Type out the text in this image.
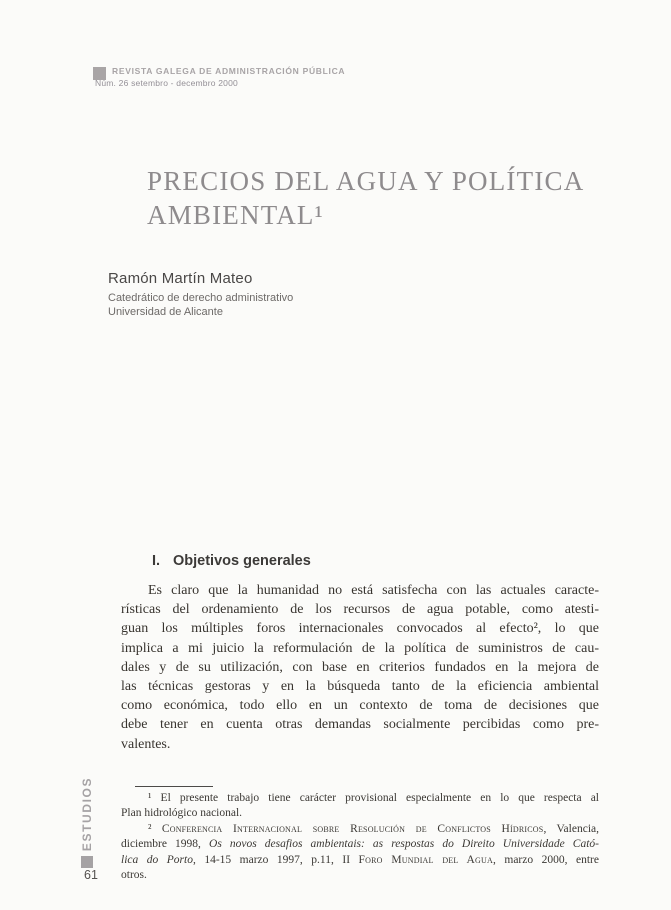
REVISTA GALEGA DE ADMINISTRACIÓN PÚBLICA
Núm. 26 setembro - decembro 2000
PRECIOS DEL AGUA Y POLÍTICA
AMBIENTAL¹
Ramón Martín Mateo
Catedrático de derecho administrativo
Universidad de Alicante
I. Objetivos generales
Es claro que la humanidad no está satisfecha con las actuales caracte-
rísticas del ordenamiento de los recursos de agua potable, como atesti-
guan los múltiples foros internacionales convocados al efecto², lo que
implica a mi juicio la reformulación de la política de suministros de cau-
dales y de su utilización, con base en criterios fundados en la mejora de
las técnicas gestoras y en la búsqueda tanto de la eficiencia ambiental
como económica, todo ello en un contexto de toma de decisiones que
debe tener en cuenta otras demandas socialmente percibidas como pre-
valentes.
¹ El presente trabajo tiene carácter provisional especialmente en lo que respecta al
Plan hidrológico nacional.
² Conferencia Internacional sobre Resolución de Conflictos Hídricos, Valencia,
diciembre 1998, Os novos desafios ambientais: as respostas do Direito Universidade Cató-
lica do Porto, 14-15 marzo 1997, p.11, II Foro Mundial del Agua, marzo 2000, entre
otros.
ESTUDIOS
61
